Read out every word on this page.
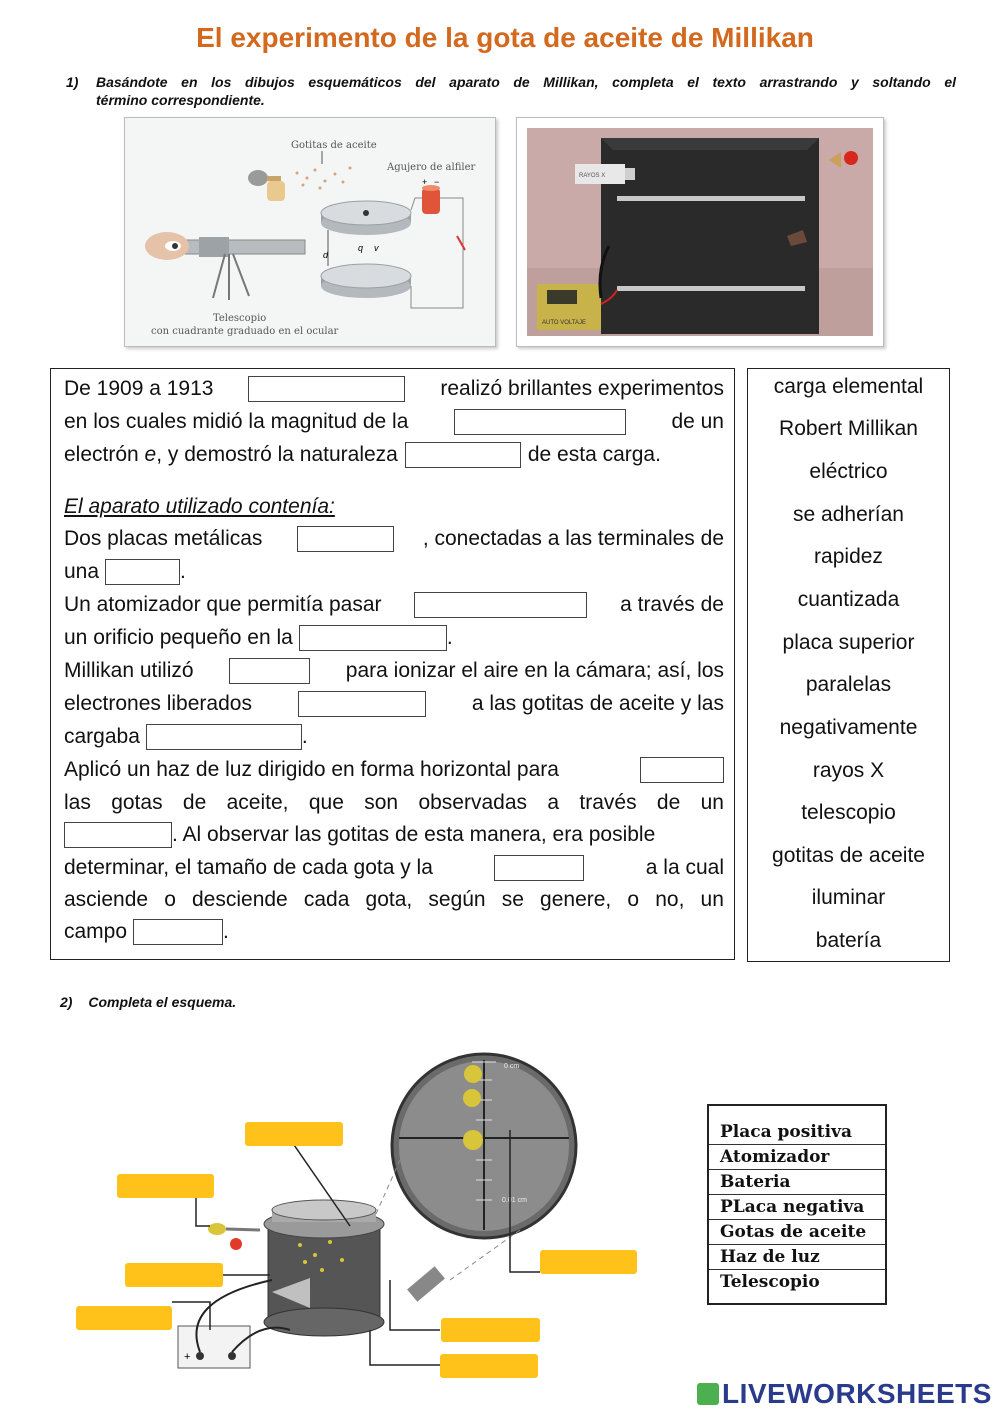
El experimento de la gota de aceite de Millikan
1) Basándote en los dibujos esquemáticos del aparato de Millikan, completa el texto arrastrando y soltando el
término correspondiente.
Gotitas de aceite
Agujero de alfiler
Telescopio
con cuadrante graduado en el ocular
d
q v
+ −
RAYOS X
AUTO VOLTAJE
De 1909 a 1913	realizó brillantes experimentos
en los cuales midió la magnitud de la	de un
electrón e , y demostró la naturaleza	de esta carga.
El aparato utilizado contenía:
Dos placas metálicas	, conectadas a las terminales de
una	.
Un atomizador que permitía pasar	a través de
un orificio pequeño en la	.
Millikan utilizó	para ionizar el aire en la cámara; así, los
electrones liberados	a las gotitas de aceite y las
cargaba	.
Aplicó un haz de luz dirigido en forma horizontal para
las gotas de aceite, que son observadas a través de un
. Al observar las gotitas de esta manera, era posible
determinar, el tamaño de cada gota y la	a la cual
asciende o desciende cada gota, según se genere, o no, un
campo	.
carga elemental
Robert Millikan
eléctrico
se adherían
rapidez
cuantizada
placa superior
paralelas
negativamente
rayos X
telescopio
gotitas de aceite
iluminar
batería
2) Completa el esquema.
0 cm
0.01 cm
+
Placa positiva
Atomizador
Bateria
PLaca negativa
Gotas de aceite
Haz de luz
Telescopio
LIVEWORKSHEETS
